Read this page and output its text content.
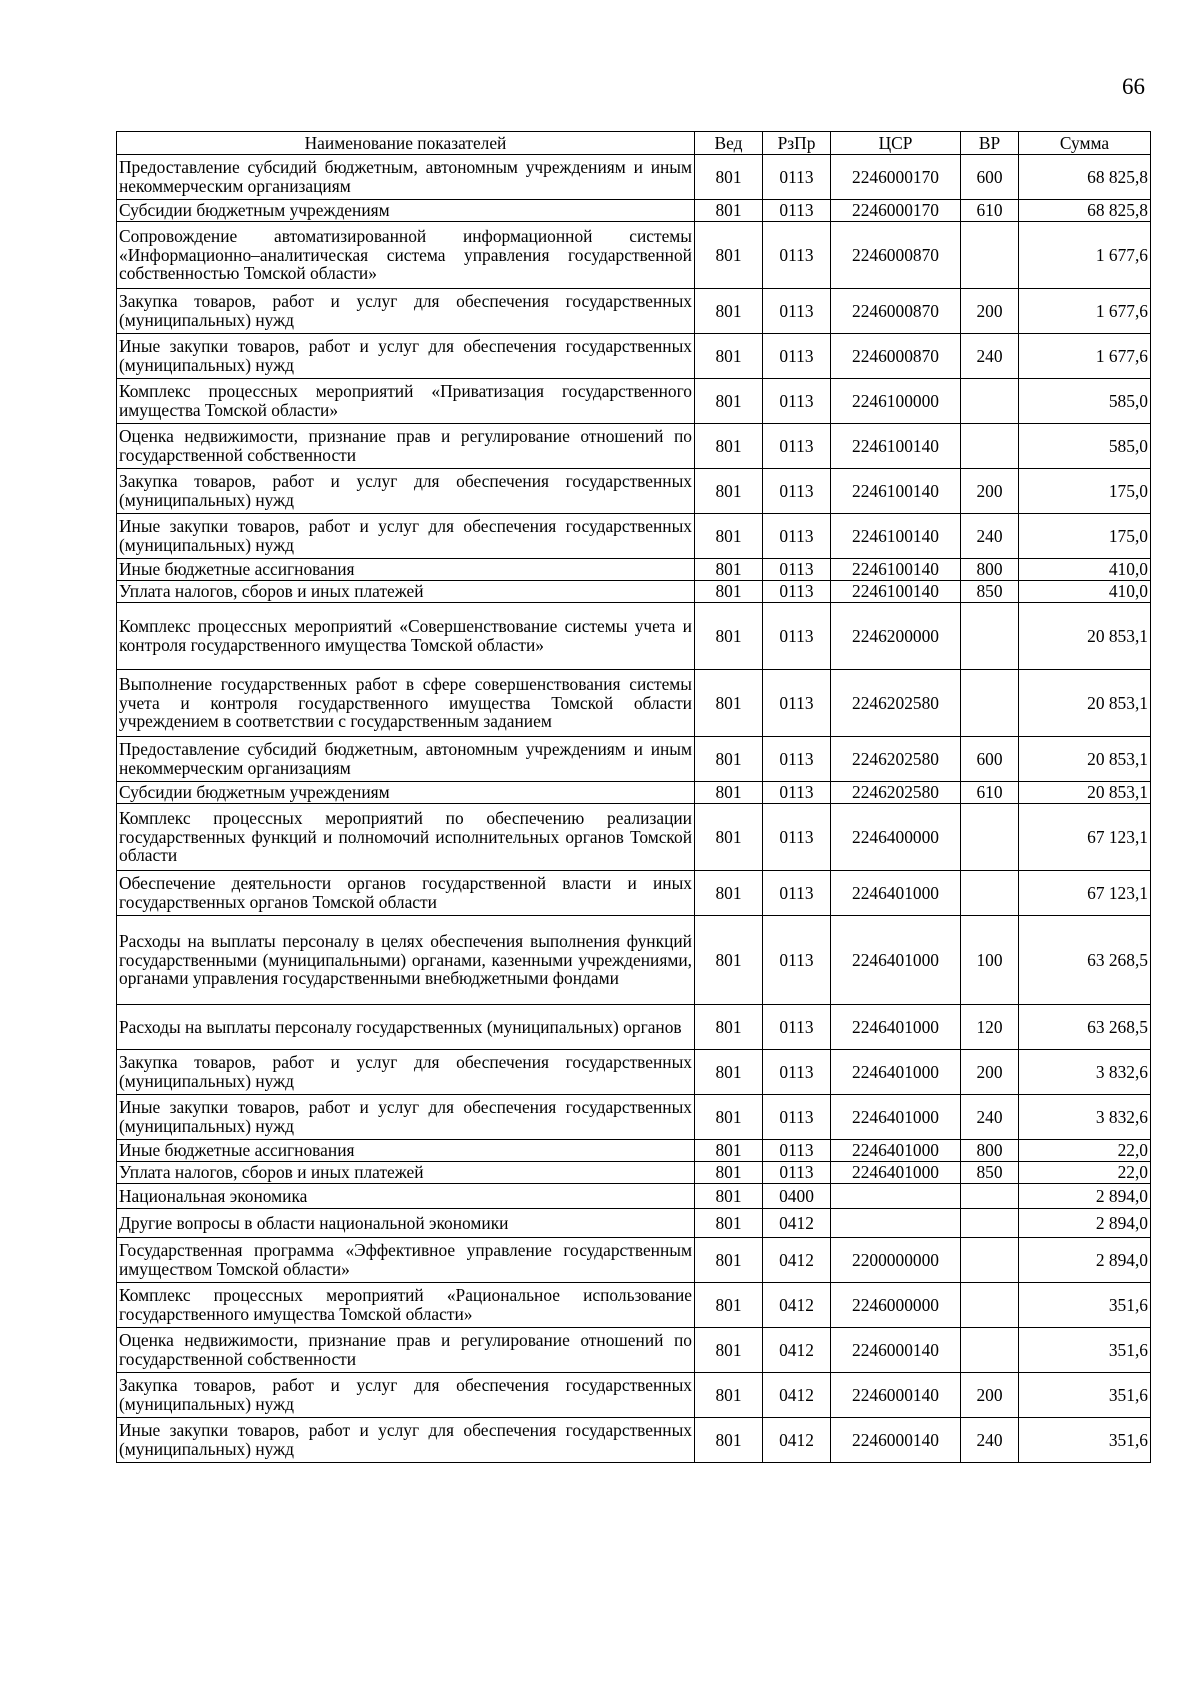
66
Наименование показателей	Вед	РзПр	ЦСР	ВР	Сумма
Предоставление субсидий бюджетным, автономным учреждениям и иным некоммерческим организациям	801	0113	2246000170	600	68 825,8
Субсидии бюджетным учреждениям	801	0113	2246000170	610	68 825,8
Сопровождение автоматизированной информационной системы «Информационно–аналитическая система управления государственной собственностью Томской области»	801	0113	2246000870		1 677,6
Закупка товаров, работ и услуг для обеспечения государственных (муниципальных) нужд	801	0113	2246000870	200	1 677,6
Иные закупки товаров, работ и услуг для обеспечения государственных (муниципальных) нужд	801	0113	2246000870	240	1 677,6
Комплекс процессных мероприятий «Приватизация государственного имущества Томской области»	801	0113	2246100000		585,0
Оценка недвижимости, признание прав и регулирование отношений по государственной собственности	801	0113	2246100140		585,0
Закупка товаров, работ и услуг для обеспечения государственных (муниципальных) нужд	801	0113	2246100140	200	175,0
Иные закупки товаров, работ и услуг для обеспечения государственных (муниципальных) нужд	801	0113	2246100140	240	175,0
Иные бюджетные ассигнования	801	0113	2246100140	800	410,0
Уплата налогов, сборов и иных платежей	801	0113	2246100140	850	410,0
Комплекс процессных мероприятий «Совершенствование системы учета и контроля государственного имущества Томской области»	801	0113	2246200000		20 853,1
Выполнение государственных работ в сфере совершенствования системы учета и контроля государственного имущества Томской области учреждением в соответствии с государственным заданием	801	0113	2246202580		20 853,1
Предоставление субсидий бюджетным, автономным учреждениям и иным некоммерческим организациям	801	0113	2246202580	600	20 853,1
Субсидии бюджетным учреждениям	801	0113	2246202580	610	20 853,1
Комплекс процессных мероприятий по обеспечению реализации государственных функций и полномочий исполнительных органов Томской области	801	0113	2246400000		67 123,1
Обеспечение деятельности органов государственной власти и иных государственных органов Томской области	801	0113	2246401000		67 123,1
Расходы на выплаты персоналу в целях обеспечения выполнения функций государственными (муниципальными) органами, казенными учреждениями, органами управления государственными внебюджетными фондами	801	0113	2246401000	100	63 268,5
Расходы на выплаты персоналу государственных (муниципальных) органов	801	0113	2246401000	120	63 268,5
Закупка товаров, работ и услуг для обеспечения государственных (муниципальных) нужд	801	0113	2246401000	200	3 832,6
Иные закупки товаров, работ и услуг для обеспечения государственных (муниципальных) нужд	801	0113	2246401000	240	3 832,6
Иные бюджетные ассигнования	801	0113	2246401000	800	22,0
Уплата налогов, сборов и иных платежей	801	0113	2246401000	850	22,0
Национальная экономика	801	0400			2 894,0
Другие вопросы в области национальной экономики	801	0412			2 894,0
Государственная программа «Эффективное управление государственным имуществом Томской области»	801	0412	2200000000		2 894,0
Комплекс процессных мероприятий «Рациональное использование государственного имущества Томской области»	801	0412	2246000000		351,6
Оценка недвижимости, признание прав и регулирование отношений по государственной собственности	801	0412	2246000140		351,6
Закупка товаров, работ и услуг для обеспечения государственных (муниципальных) нужд	801	0412	2246000140	200	351,6
Иные закупки товаров, работ и услуг для обеспечения государственных (муниципальных) нужд	801	0412	2246000140	240	351,6
